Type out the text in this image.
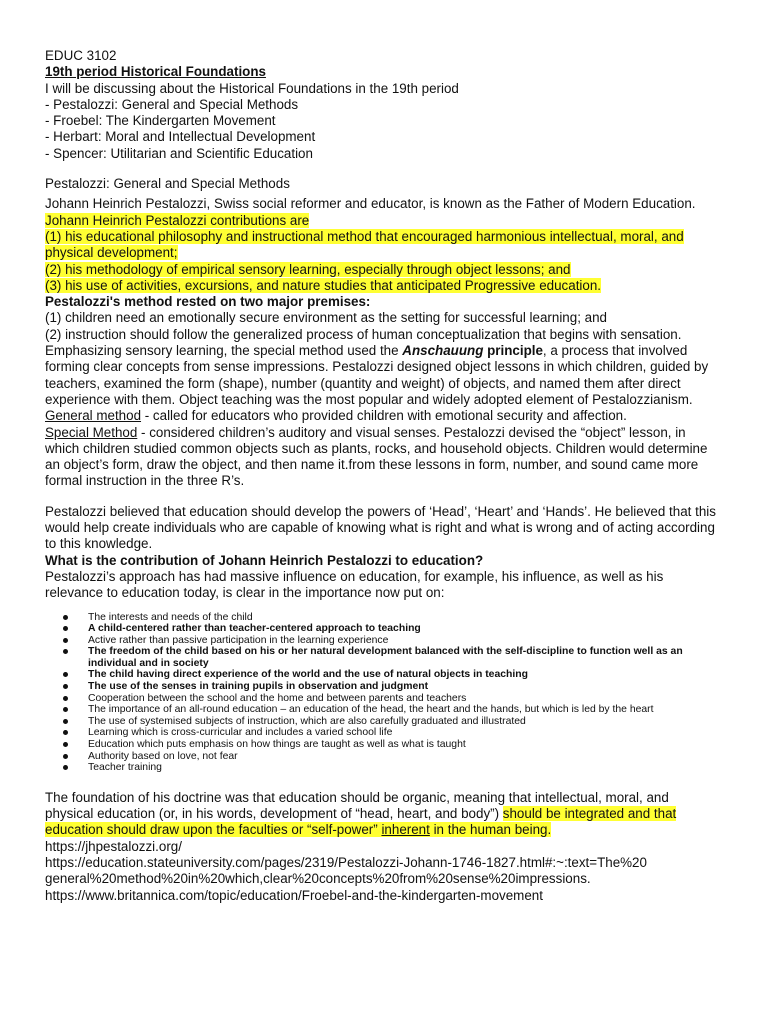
EDUC 3102

19th period Historical Foundations

I will be discussing about the Historical Foundations in the 19th period

- Pestalozzi: General and Special Methods

- Froebel: The Kindergarten Movement

- Herbart: Moral and Intellectual Development

- Spencer: Utilitarian and Scientific Education

Pestalozzi: General and Special Methods

Johann Heinrich Pestalozzi, Swiss social reformer and educator, is known as the Father of Modern Education.

Johann Heinrich Pestalozzi contributions are
(1) his educational philosophy and instructional method that encouraged harmonious intellectual, moral, and physical development;
(2) his methodology of empirical sensory learning, especially through object lessons; and
(3) his use of activities, excursions, and nature studies that anticipated Progressive education.

Pestalozzi's method rested on two major premises:

(1) children need an emotionally secure environment as the setting for successful learning; and

(2) instruction should follow the generalized process of human conceptualization that begins with sensation.

Emphasizing sensory learning, the special method used the Anschauung principle, a process that involved forming clear concepts from sense impressions. Pestalozzi designed object lessons in which children, guided by teachers, examined the form (shape), number (quantity and weight) of objects, and named them after direct experience with them. Object teaching was the most popular and widely adopted element of Pestalozzianism.

General method - called for educators who provided children with emotional security and affection.

Special Method - considered children’s auditory and visual senses. Pestalozzi devised the “object” lesson, in which children studied common objects such as plants, rocks, and household objects. Children would determine an object’s form, draw the object, and then name it.from these lessons in form, number, and sound came more formal instruction in the three R’s.

Pestalozzi believed that education should develop the powers of ‘Head’, ‘Heart’ and ‘Hands’. He believed that this would help create individuals who are capable of knowing what is right and what is wrong and of acting according to this knowledge.

What is the contribution of Johann Heinrich Pestalozzi to education?

Pestalozzi’s approach has had massive influence on education, for example, his influence, as well as his relevance to education today, is clear in the importance now put on:

The interests and needs of the child
A child-centered rather than teacher-centered approach to teaching
Active rather than passive participation in the learning experience
The freedom of the child based on his or her natural development balanced with the self-discipline to function well as an individual and in society
The child having direct experience of the world and the use of natural objects in teaching
The use of the senses in training pupils in observation and judgment
Cooperation between the school and the home and between parents and teachers
The importance of an all-round education – an education of the head, the heart and the hands, but which is led by the heart
The use of systemised subjects of instruction, which are also carefully graduated and illustrated
Learning which is cross-curricular and includes a varied school life
Education which puts emphasis on how things are taught as well as what is taught
Authority based on love, not fear
Teacher training

The foundation of his doctrine was that education should be organic, meaning that intellectual, moral, and physical education (or, in his words, development of “head, heart, and body”) should be integrated and that education should draw upon the faculties or “self-power” inherent in the human being.

https://jhpestalozzi.org/

https://education.stateuniversity.com/pages/2319/Pestalozzi-Johann-1746-1827.html#:~:text=The%20

general%20method%20in%20which,clear%20concepts%20from%20sense%20impressions.

https://www.britannica.com/topic/education/Froebel-and-the-kindergarten-movement
